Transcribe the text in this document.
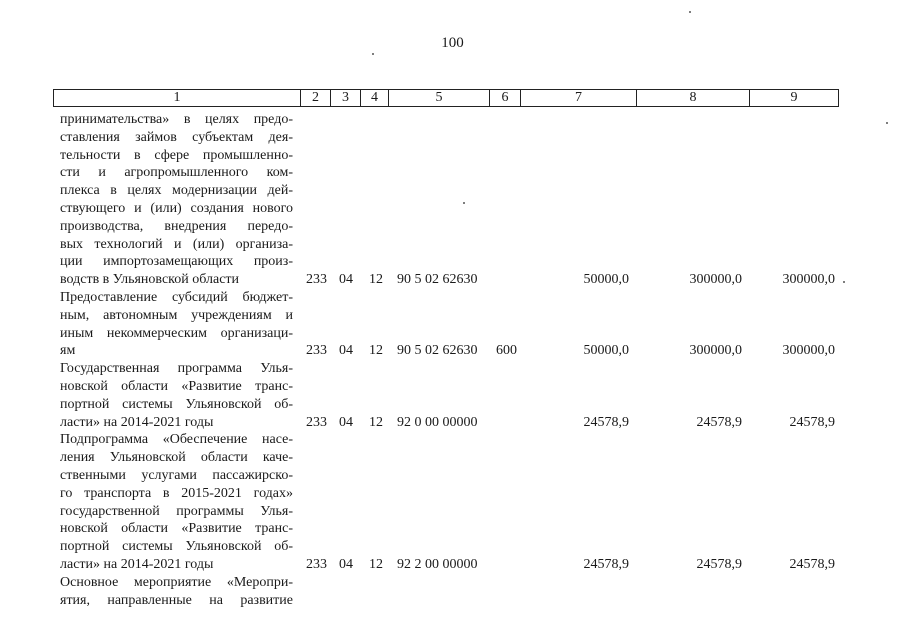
100
1	2	3	4	5	6	7	8	9
принимательства» в целях предо-
ставления займов субъектам дея-
тельности в сфере промышленно-
сти и агропромышленного ком-
плекса в целях модернизации дей-
ствующего и (или) создания нового
производства, внедрения передо-
вых технологий и (или) организа-
ции импортозамещающих произ-
водств в Ульяновской области	233 04 12 90 5 02 62630	50000,0	300000,0	300000,0
Предоставление субсидий бюджет-
ным, автономным учреждениям и
иным некоммерческим организаци-
ям	233 04 12 90 5 02 62630 600	50000,0	300000,0	300000,0
Государственная программа Улья-
новской области «Развитие транс-
портной системы Ульяновской об-
ласти» на 2014-2021 годы	233 04 12 92 0 00 00000	24578,9	24578,9	24578,9
Подпрограмма «Обеспечение насе-
ления Ульяновской области каче-
ственными услугами пассажирско-
го транспорта в 2015-2021 годах»
государственной программы Улья-
новской области «Развитие транс-
портной системы Ульяновской об-
ласти» на 2014-2021 годы	233 04 12 92 2 00 00000	24578,9	24578,9	24578,9
Основное мероприятие «Меропри-
ятия, направленные на развитие
